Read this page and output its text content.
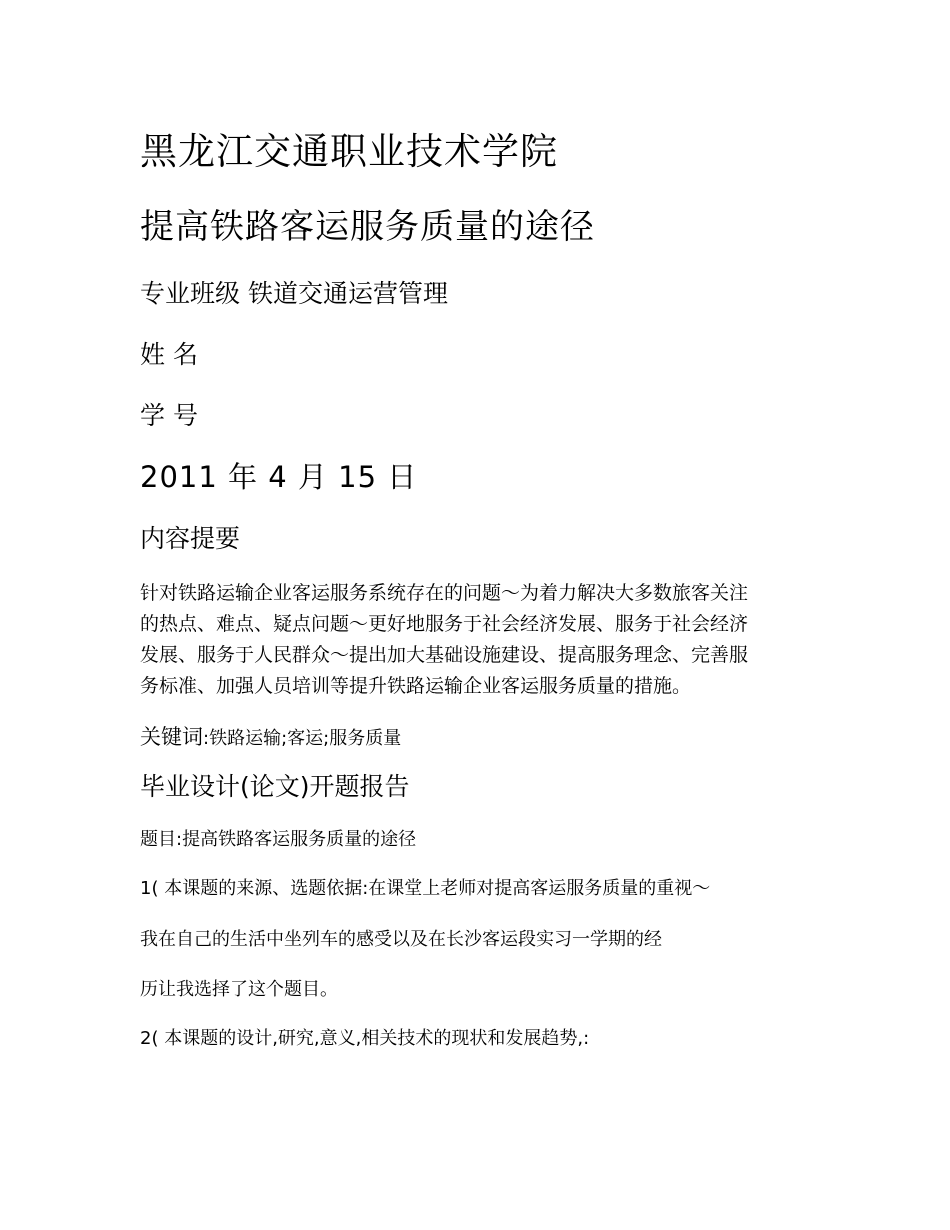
黑龙江交通职业技术学院
提高铁路客运服务质量的途径

专业班级 铁道交通运营管理

姓 名

学 号

2011 年 4 月 15 日

内容提要
针对铁路运输企业客运服务系统存在的问题～为着力解决大多数旅客关注
的热点、难点、疑点问题～更好地服务于社会经济发展、服务于社会经济
发展、服务于人民群众～提出加大基础设施建设、提高服务理念、完善服
务标准、加强人员培训等提升铁路运输企业客运服务质量的措施。

关键词:铁路运输;客运;服务质量

毕业设计(论文)开题报告

题目:提高铁路客运服务质量的途径

1( 本课题的来源、选题依据:在课堂上老师对提高客运服务质量的重视～

我在自己的生活中坐列车的感受以及在长沙客运段实习一学期的经

历让我选择了这个题目。

2( 本课题的设计,研究,意义,相关技术的现状和发展趋势,:
